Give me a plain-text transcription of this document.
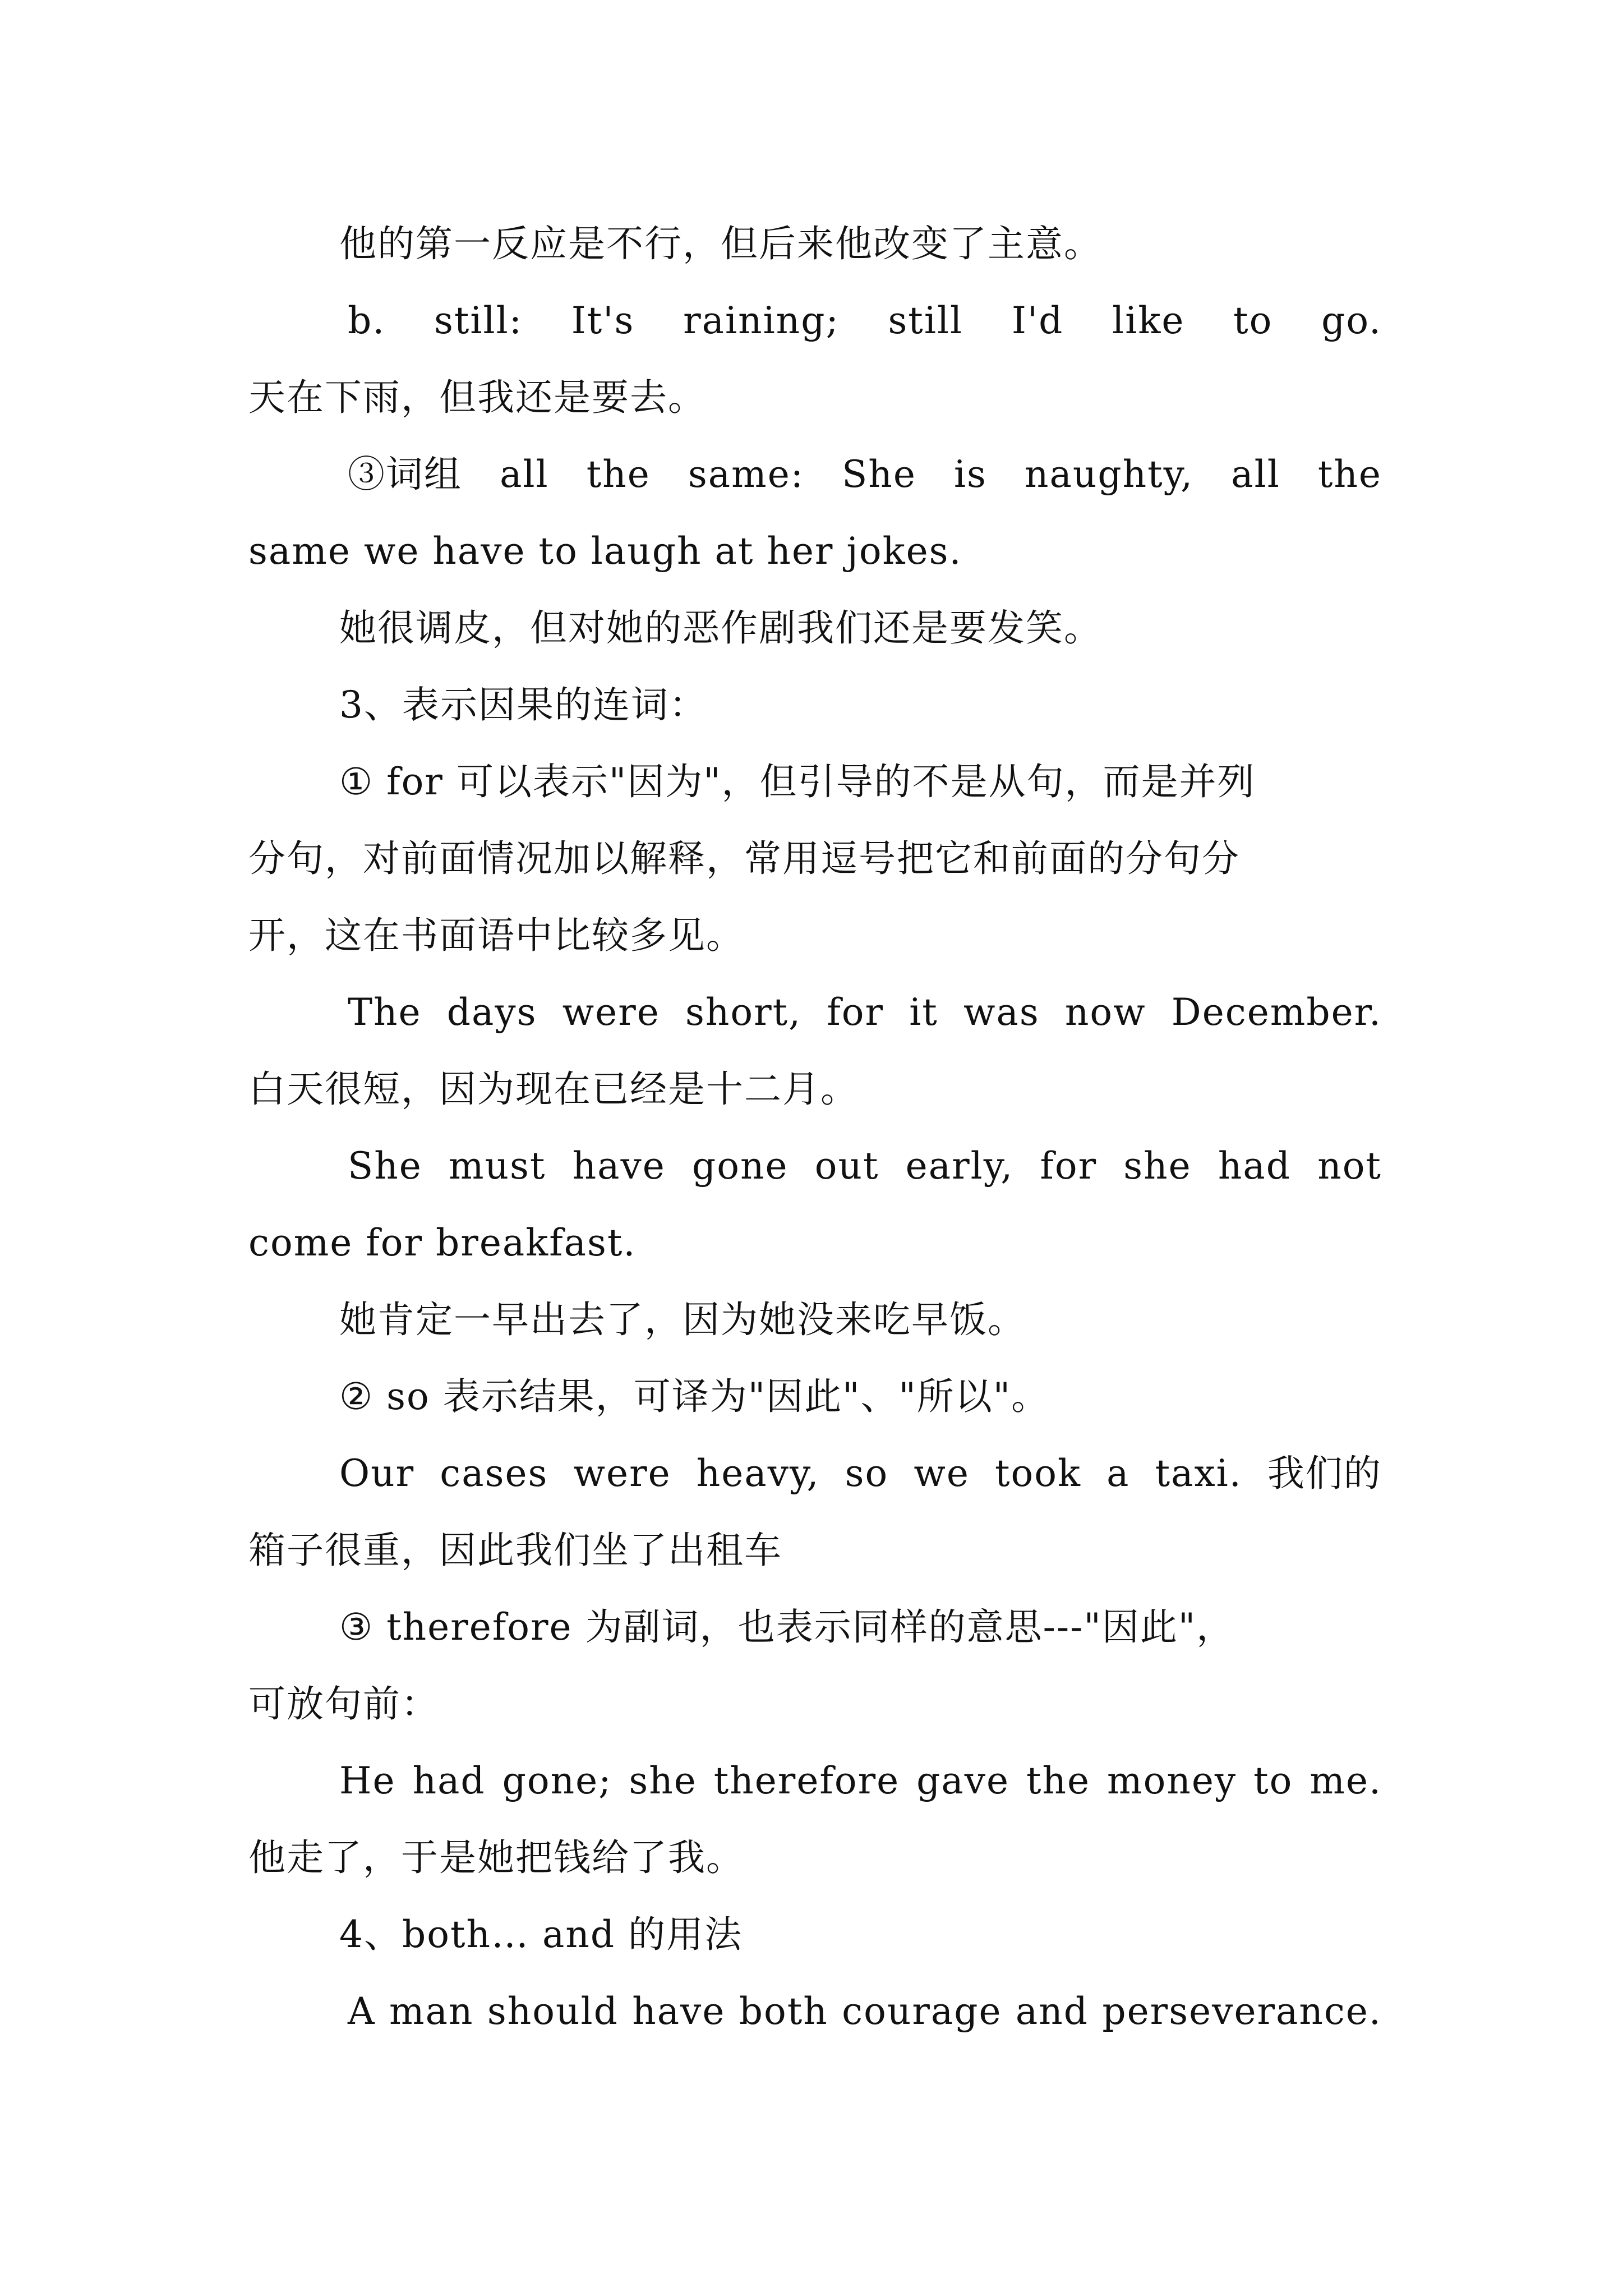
他的第一反应是不行，但后来他改变了主意。
b. still: It's raining; still I'd like to go.
天在下雨，但我还是要去。
③词组 all the same: She is naughty, all the
same we have to laugh at her jokes.
她很调皮，但对她的恶作剧我们还是要发笑。
3、表示因果的连词：
① for 可以表示"因为"，但引导的不是从句，而是并列
分句，对前面情况加以解释，常用逗号把它和前面的分句分
开，这在书面语中比较多见。
The days were short, for it was now December.
白天很短，因为现在已经是十二月。
She must have gone out early, for she had not
come for breakfast.
她肯定一早出去了，因为她没来吃早饭。
② so 表示结果，可译为"因此"、"所以"。
Our cases were heavy, so we took a taxi. 我们的
箱子很重，因此我们坐了出租车
③ therefore 为副词，也表示同样的意思---"因此"，
可放句前：
He had gone; she therefore gave the money to me.
他走了，于是她把钱给了我。
4、both… and 的用法
A man should have both courage and perseverance.
